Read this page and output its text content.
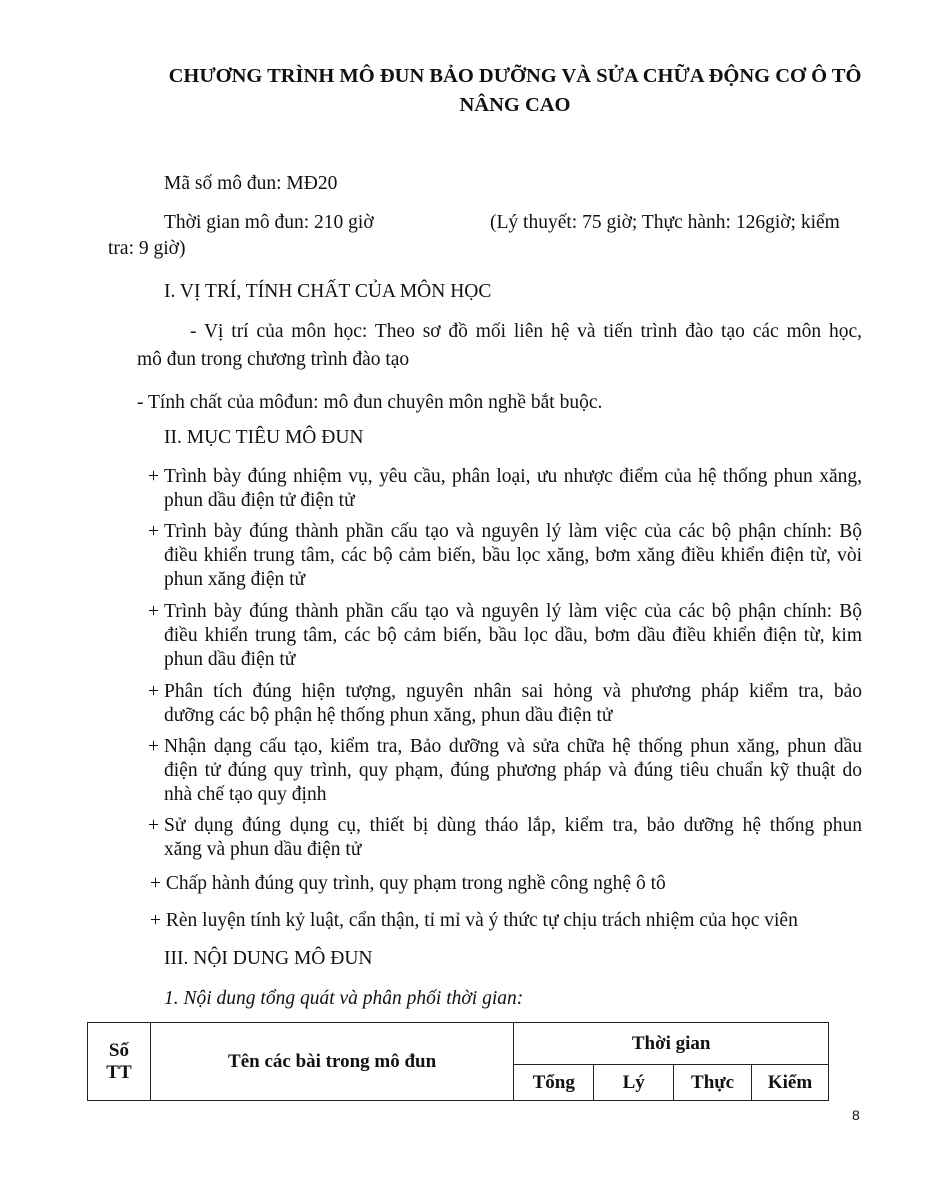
CHƯƠNG TRÌNH MÔ ĐUN BẢO DƯỠNG VÀ SỬA CHỮA ĐỘNG CƠ Ô TÔ
NÂNG CAO
Mã số mô đun: MĐ20
Thời gian mô đun: 210 giờ	(Lý thuyết: 75 giờ; Thực hành: 126giờ; kiểm
tra: 9 giờ)
I. VỊ TRÍ, TÍNH CHẤT CỦA MÔN HỌC
- Vị trí của môn học: Theo sơ đồ mối liên hệ và tiến trình đào tạo các môn học,
mô đun trong chương trình đào tạo
- Tính chất của môđun: mô đun chuyên môn nghề bắt buộc.
II. MỤC TIÊU MÔ ĐUN
+ Trình bày đúng nhiệm vụ, yêu cầu, phân loại, ưu nhược điểm của hệ thống phun xăng,
phun dầu điện tử điện tử
+ Trình bày đúng thành phần cấu tạo và nguyên lý làm việc của các bộ phận chính: Bộ
điều khiển trung tâm, các bộ cảm biến, bầu lọc xăng, bơm xăng điều khiển điện từ, vòi
phun xăng điện tử
+ Trình bày đúng thành phần cấu tạo và nguyên lý làm việc của các bộ phận chính: Bộ
điều khiển trung tâm, các bộ cảm biến, bầu lọc dầu, bơm dầu điều khiển điện từ, kim
phun dầu điện tử
+ Phân tích đúng hiện tượng, nguyên nhân sai hỏng và phương pháp kiểm tra, bảo
dưỡng các bộ phận hệ thống phun xăng, phun dầu điện tử
+ Nhận dạng cấu tạo, kiểm tra, Bảo dưỡng và sửa chữa hệ thống phun xăng, phun dầu
điện tử đúng quy trình, quy phạm, đúng phương pháp và đúng tiêu chuẩn kỹ thuật do
nhà chế tạo quy định
+ Sử dụng đúng dụng cụ, thiết bị dùng tháo lắp, kiểm tra, bảo dưỡng hệ thống phun
xăng và phun dầu điện tử
+ Chấp hành đúng quy trình, quy phạm trong nghề công nghệ ô tô
+ Rèn luyện tính kỷ luật, cẩn thận, tỉ mỉ và ý thức tự chịu trách nhiệm của học viên
III. NỘI DUNG MÔ ĐUN
1. Nội dung tổng quát và phân phối thời gian:
Số
TT	Tên các bài trong mô đun	Thời gian			
		Tổng	Lý	Thực	Kiểm
8
